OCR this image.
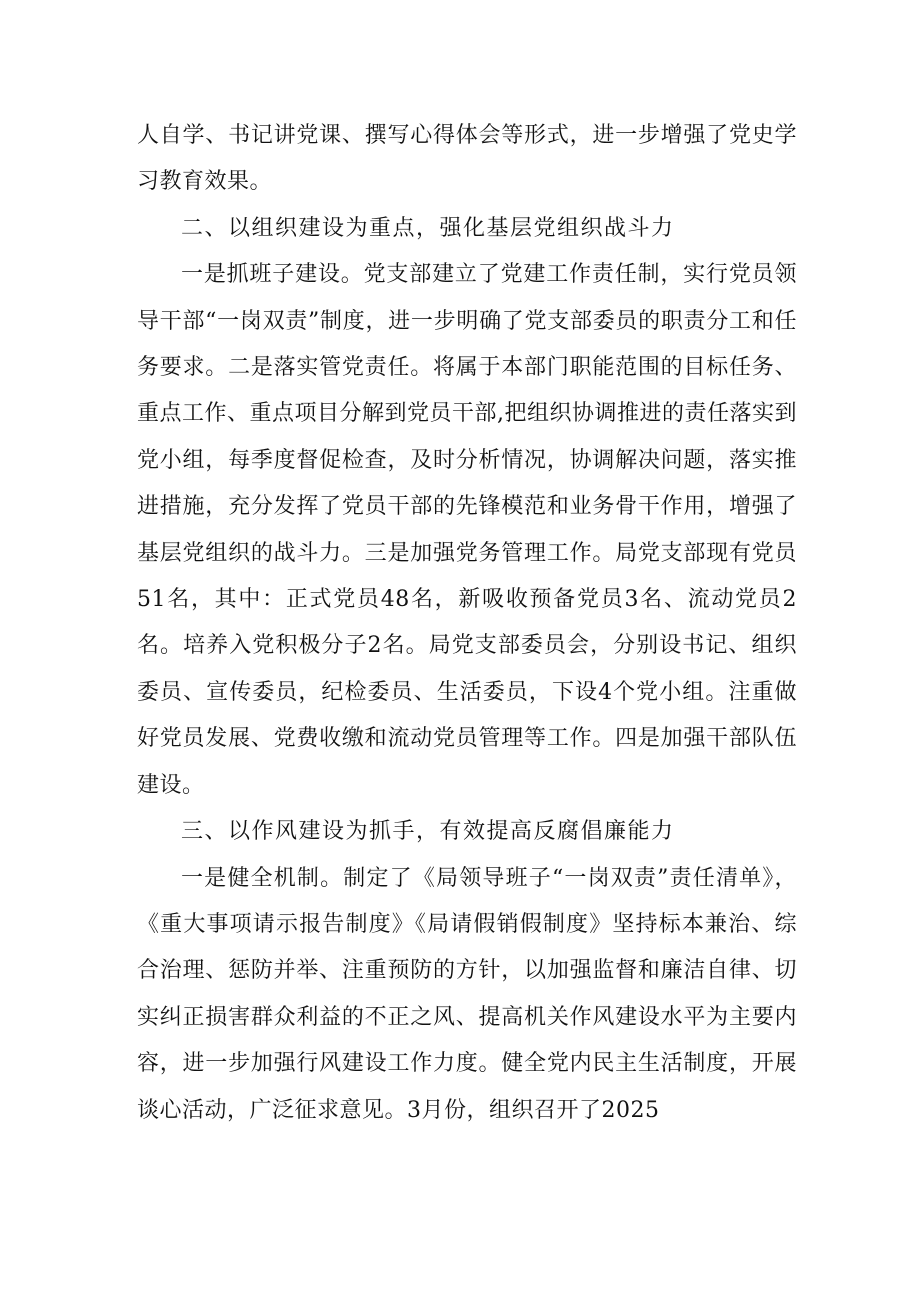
人自学、书记讲党课、撰写心得体会等形式，进一步增强了党史学习教育效果。

二、以组织建设为重点，强化基层党组织战斗力

一是抓班子建设。党支部建立了党建工作责任制，实行党员领导干部“一岗双责”制度，进一步明确了党支部委员的职责分工和任务要求。二是落实管党责任。将属于本部门职能范围的目标任务、重点工作、重点项目分解到党员干部,把组织协调推进的责任落实到党小组，每季度督促检查，及时分析情况，协调解决问题，落实推进措施，充分发挥了党员干部的先锋模范和业务骨干作用，增强了基层党组织的战斗力。三是加强党务管理工作。局党支部现有党员51名，其中：正式党员48名，新吸收预备党员3名、流动党员2名。培养入党积极分子2名。局党支部委员会，分别设书记、组织委员、宣传委员，纪检委员、生活委员，下设4个党小组。注重做好党员发展、党费收缴和流动党员管理等工作。四是加强干部队伍建设。

三、以作风建设为抓手，有效提高反腐倡廉能力

一是健全机制。制定了《局领导班子“一岗双责”责任清单》，《重大事项请示报告制度》《局请假销假制度》坚持标本兼治、综合治理、惩防并举、注重预防的方针，以加强监督和廉洁自律、切实纠正损害群众利益的不正之风、提高机关作风建设水平为主要内容，进一步加强行风建设工作力度。健全党内民主生活制度，开展谈心活动，广泛征求意见。3月份，组织召开了2025
